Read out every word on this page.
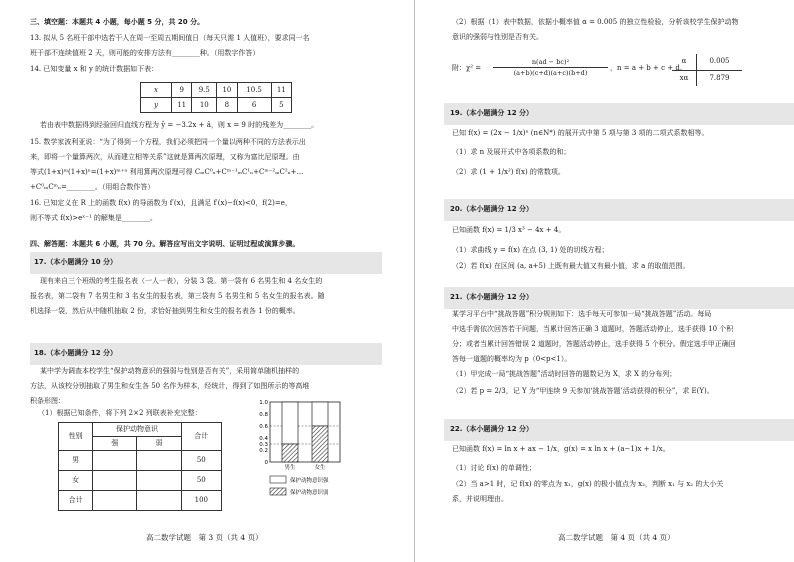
三、填空题：本题共 4 小题，每小题 5 分，共 20 分。
13. 拟从 5 名班干部中选若干人在周一至周五期间值日（每天只需 1 人值班），要求同一名
班干部不连续值班 2 天，则可能的安排方法有________种。（用数字作答）
14. 已知变量 x 和 y 的统计数据如下表：
x	9	9.5	10	10.5	11
y	11	10	8	6	5
若由表中数据得到经验回归直线方程为 ŷ = −3.2x + â，则 x = 9 时的残差为________。
15. 数学家波利亚说：“为了得到一个方程，我们必须把同一个量以两种不同的方法表示出
来，即将一个量算两次，从而建立相等关系”这就是算两次原理，又称为富比尼原理。由
等式(1+x)ᵐ(1+x)ⁿ=(1+x)ᵐ⁺ⁿ 利用算两次原理可得 CₘC⁰ₙ+Cᵐ⁻¹ₘC¹ₙ+Cᵐ⁻²ₘC²ₙ+…
+C⁰ₘCᵐₙ=________。（用组合数作答）
16. 已知定义在 R 上的函数 f(x) 的导函数为 f′(x)，且满足 f′(x)−f(x)<0，f(2)=e，
则不等式 f(x)>eˣ⁻¹ 的解集是________。
四、解答题：本题共 6 小题，共 70 分。解答应写出文字说明、证明过程或演算步骤。
17.（本小题满分 10 分）
现有来自三个班级的考生报名表（一人一表），分装 3 袋。第一袋有 6 名男生和 4 名女生的
报名表，第二袋有 7 名男生和 3 名女生的报名表，第三袋有 5 名男生和 5 名女生的报名表。随
机选择一袋，然后从中随机抽取 2 份，求恰好抽到男生和女生的报名表各 1 份的概率。
18.（本小题满分 12 分）
某中学为调查本校学生“保护动物意识的强弱与性别是否有关”，采用简单随机抽样的
方法，从该校分别抽取了男生和女生各 50 名作为样本，经统计，得到了如图所示的等高堆
积条形图：
（1）根据已知条件，将下列 2×2 列联表补充完整：
性别	保护动物意识		合计
	强	弱	
男			50
女			50
合计			100
1.0
0.8
0.6
0.4
0.3
0.2
0
男生	女生
保护动物意识强
保护动物意识弱
高二数学试题　第 3 页（共 4 页）
（2）根据（1）表中数据，依据小概率值 α = 0.005 的独立性检验，分析该校学生保护动物
意识的强弱与性别是否有关。
附：χ² =
n(ad − bc)²
(a+b)(c+d)(a+c)(b+d)
，n = a + b + c + d。
α	0.005
xα	7.879
19.（本小题满分 12 分）
已知 f(x) = (2x − 1/x)ⁿ (n∈N*) 的展开式中第 5 项与第 3 项的二项式系数相等。
（1）求 n 及展开式中各项系数的和；
（2）求 (1 + 1/x²) f(x) 的常数项。
20.（本小题满分 12 分）
已知函数 f(x) = 1/3 x³ − 4x + 4。
（1）求曲线 y = f(x) 在点 (3, 1) 处的切线方程；
（2）若 f(x) 在区间 (a, a+5) 上既有最大值又有最小值，求 a 的取值范围。
21.（本小题满分 12 分）
某学习平台中“挑战答题”积分规则如下：选手每天可参加一局“挑战答题”活动。每局
中选手需依次回答若干问题，当累计回答正确 3 道题时，答题活动停止，选手获得 10 个积
分；或者当累计回答错误 2 道题时，答题活动停止，选手获得 5 个积分。假定选手甲正确回
答每一道题的概率均为 p（0<p<1）。
（1）甲完成一局“挑战答题”活动时回答的题数记为 X，求 X 的分布列；
（2）若 p = 2/3，记 Y 为“甲连续 9 天参加‘挑战答题’活动获得的积分”，求 E(Y)。
22.（本小题满分 12 分）
已知函数 f(x) = ln x + ax − 1/x，g(x) = x ln x + (a−1)x + 1/x。
（1）讨论 f(x) 的单调性；
（2）当 a>1 时，记 f(x) 的零点为 x₁，g(x) 的极小值点为 x₂，判断 x₁ 与 x₂ 的大小关
系，并说明理由。
高二数学试题　第 4 页（共 4 页）
